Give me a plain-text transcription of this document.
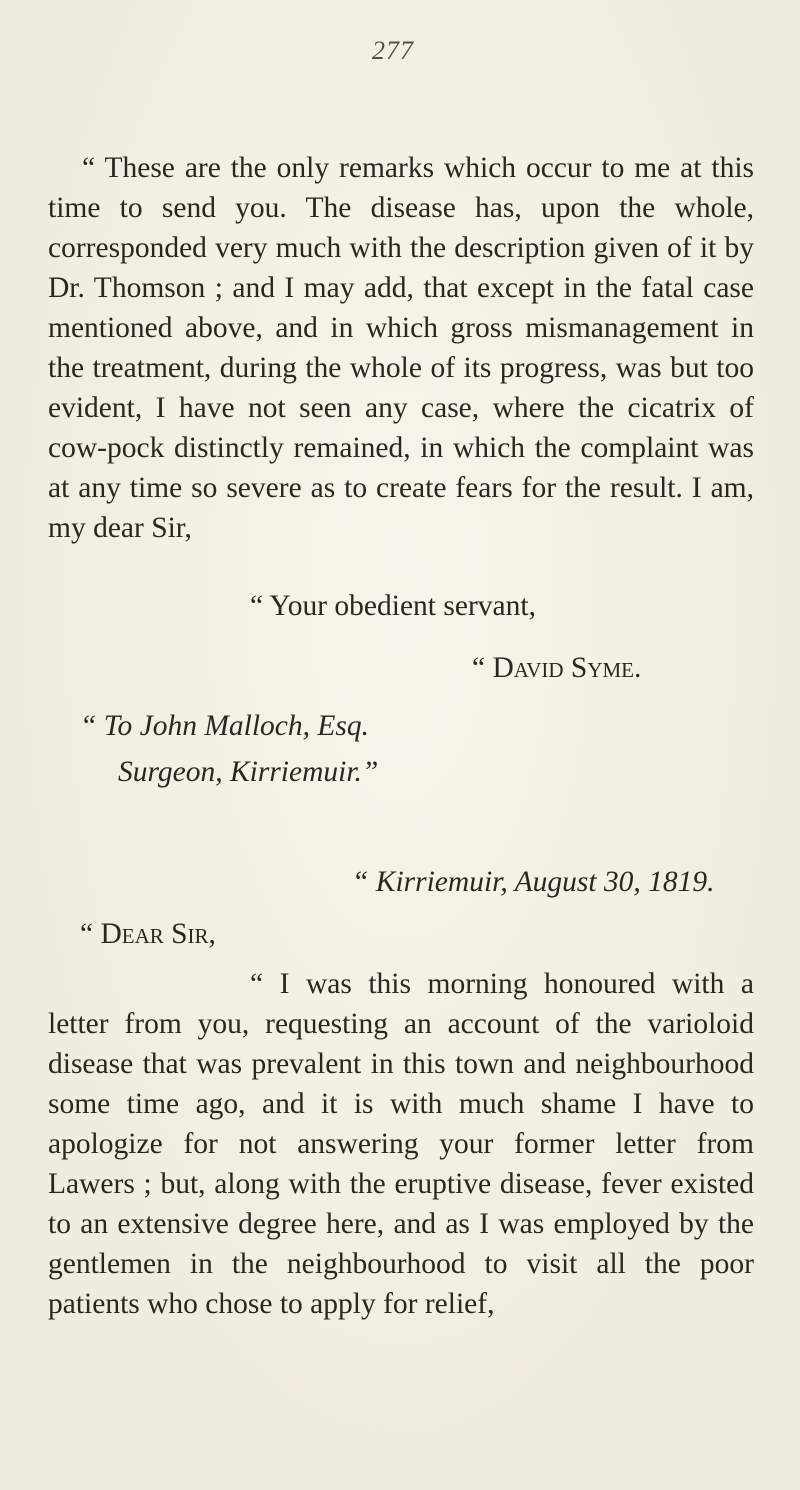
277

“ These are the only remarks which occur to me at this time to send you. The disease has, upon the whole, corresponded very much with the description given of it by Dr. Thomson ; and I may add, that except in the fatal case mentioned above, and in which gross mismanagement in the treatment, during the whole of its progress, was but too evident, I have not seen any case, where the cicatrix of cow-pock distinctly remained, in which the complaint was at any time so severe as to create fears for the result. I am, my dear Sir,

“ Your obedient servant,
“ David Syme.
“ To John Malloch, Esq.
Surgeon, Kirriemuir.”
“ Kirriemuir, August 30, 1819.
“ Dear Sir,

“ I was this morning honoured with a letter from you, requesting an account of the varioloid disease that was prevalent in this town and neighbourhood some time ago, and it is with much shame I have to apologize for not answering your former letter from Lawers ; but, along with the eruptive disease, fever existed to an extensive degree here, and as I was employed by the gentlemen in the neighbourhood to visit all the poor patients who chose to apply for relief,
